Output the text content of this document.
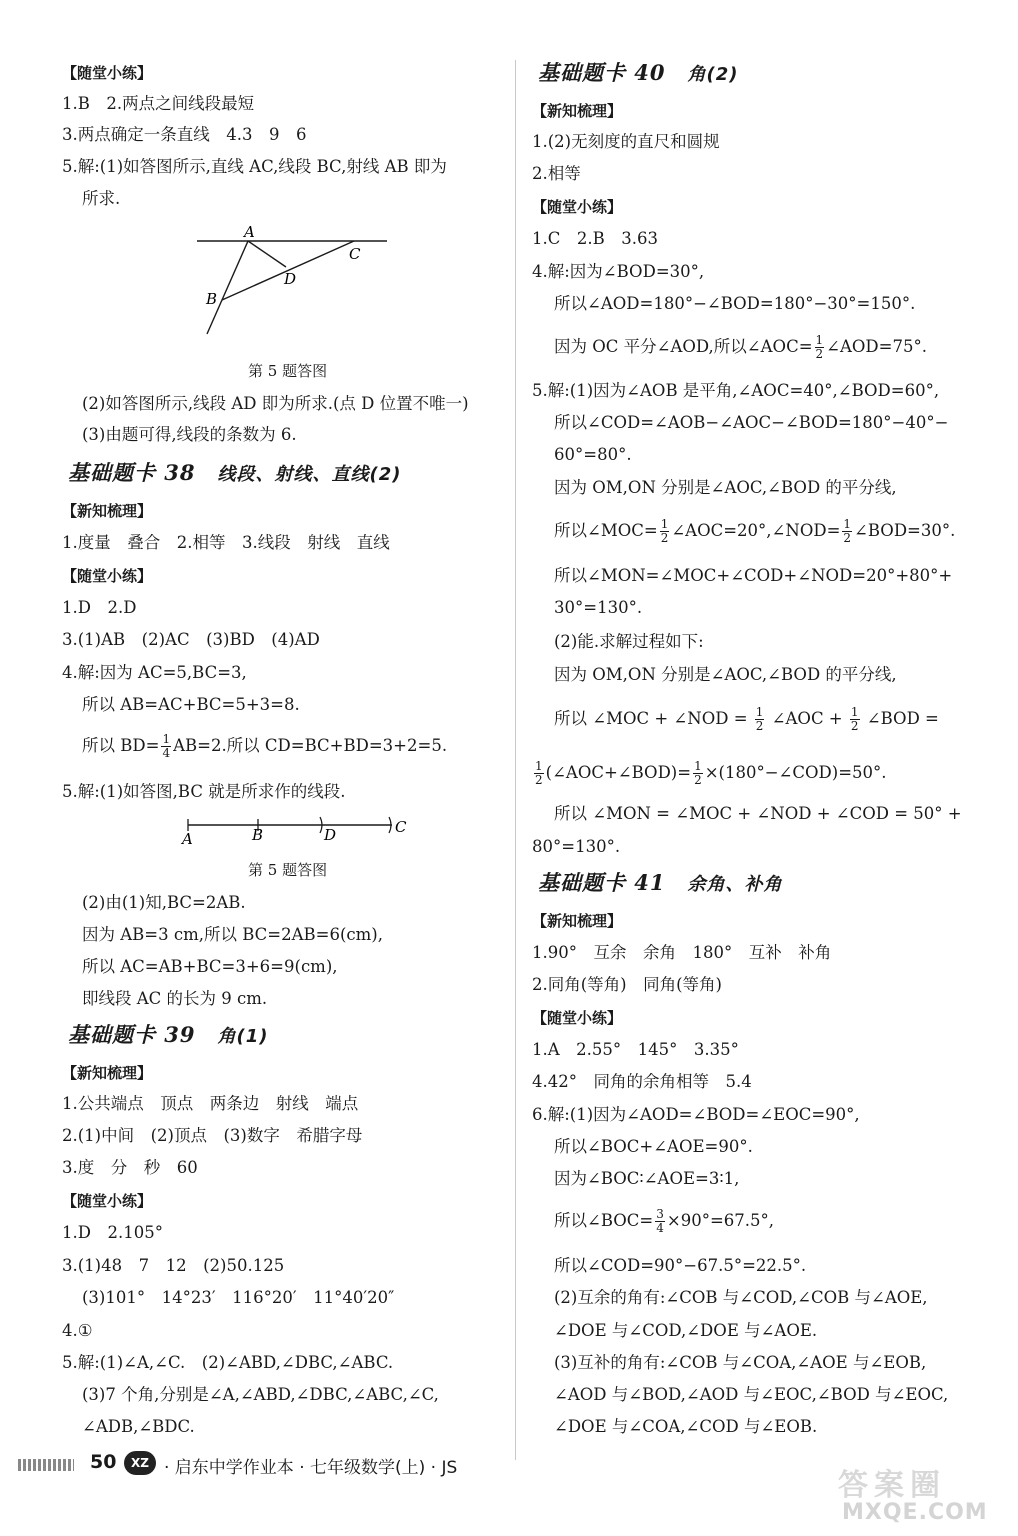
【随堂小练】
1.B　2.两点之间线段最短
3.两点确定一条直线　4.3　9　6
5.解:(1)如答图所示,直线 AC,线段 BC,射线 AB 即为
所求.
A
C
D
B
第 5 题答图
(2)如答图所示,线段 AD 即为所求.(点 D 位置不唯一)
(3)由题可得,线段的条数为 6.
基础题卡 38 线段、射线、直线(2)
【新知梳理】
1.度量　叠合　2.相等　3.线段　射线　直线
【随堂小练】
1.D　2.D
3.(1)AB　(2)AC　(3)BD　(4)AD
4.解:因为 AC=5,BC=3,
所以 AB=AC+BC=5+3=8.
所以 $BD= \frac{1}{4} AB=2$.所以 CD=BC+BD=3+2=5.
5.解:(1)如答图,BC 就是所求作的线段.
A	B	D	C
第 5 题答图
(2)由(1)知,BC=2AB.
因为 AB=3 cm,所以 BC=2AB=6(cm),
所以 AC=AB+BC=3+6=9(cm),
即线段 AC 的长为 9 cm.
基础题卡 39 角(1)
【新知梳理】
1.公共端点　顶点　两条边　射线　端点
2.(1)中间　(2)顶点　(3)数字　希腊字母
3.度　分　秒　60
【随堂小练】
1.D　2.105°
3.(1)48　7　12　(2)50.125
(3)101°　14°23′　116°20′　11°40′20″
4.①
5.解:(1)∠A,∠C.　(2)∠ABD,∠DBC,∠ABC.
(3)7 个角,分别是∠A,∠ABD,∠DBC,∠ABC,∠C,
∠ADB,∠BDC.
基础题卡 40 角(2)
【新知梳理】
1.(2)无刻度的直尺和圆规
2.相等
【随堂小练】
1.C　2.B　3.63
4.解:因为∠BOD=30°,
所以∠AOD=180°−∠BOD=180°−30°=150°.
因为 OC 平分∠AOD,所以∠AOC= $\frac{1}{2}$ ∠AOD=75°.
5.解:(1)因为∠AOB 是平角,∠AOC=40°,∠BOD=60°,
所以∠COD=∠AOB−∠AOC−∠BOD=180°−40°−
60°=80°.
因为 OM,ON 分别是∠AOC,∠BOD 的平分线,
所以∠MOC= $\frac{1}{2}$ ∠AOC=20°,∠NOD= $\frac{1}{2}$ ∠BOD=30°.
所以∠MON=∠MOC+∠COD+∠NOD=20°+80°+
30°=130°.
(2)能.求解过程如下:
因为 OM,ON 分别是∠AOC,∠BOD 的平分线,
所以 ∠MOC + ∠NOD = $\frac{1}{2}$ ∠AOC + $\frac{1}{2}$ ∠BOD =
$\frac{1}{2}$ (∠AOC+∠BOD)= $\frac{1}{2}$ ×(180°−∠COD)=50°.
所以 ∠MON = ∠MOC + ∠NOD + ∠COD = 50° +
80°=130°.
基础题卡 41 余角、补角
【新知梳理】
1.90°　互余　余角　180°　互补　补角
2.同角(等角)　同角(等角)
【随堂小练】
1.A　2.55°　145°　3.35°
4.42°　同角的余角相等　5.4
6.解:(1)因为∠AOD=∠BOD=∠EOC=90°,
所以∠BOC+∠AOE=90°.
因为∠BOC∶∠AOE=3∶1,
所以∠BOC= $\frac{3}{4} \times 90^\circ=67.5^\circ$,
所以∠COD=90°−67.5°=22.5°.
(2)互余的角有:∠COB 与∠COD,∠COB 与∠AOE,
∠DOE 与∠COD,∠DOE 与∠AOE.
(3)互补的角有:∠COB 与∠COA,∠AOE 与∠EOB,
∠AOD 与∠BOD,∠AOD 与∠EOC,∠BOD 与∠EOC,
∠DOE 与∠COA,∠COD 与∠EOB.
50	XZ · 启东中学作业本 · 七年级数学(上) · JS	答案圈
MXQE.COM
